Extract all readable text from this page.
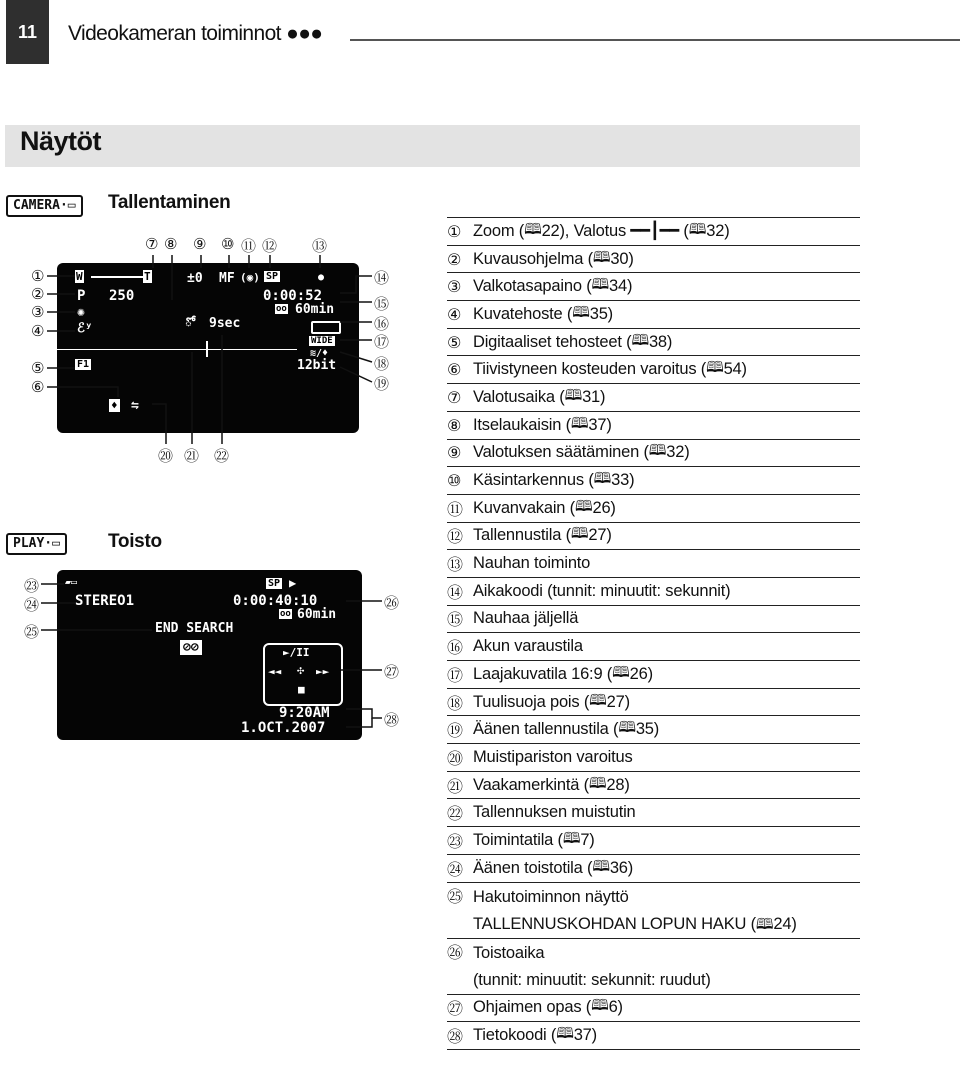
11 Videokameran toiminnot ●●●
Näytöt
CAMERA·▭	Tallentaminen
W	T
P 250
✺
ℰʸ
F1
♦ ⇋
±0 MF (◉) SP	●
0:00:52
oo 60min
WIDE
≋/♦
12bit
ో 9sec
①
②
③
④
⑤
⑥
⑦ ⑧ ⑨ ⑩ ⑪ ⑫ ⑬
⑭
⑮
⑯
⑰
⑱
⑲
⑳ ㉑ ㉒
PLAY·▭	Toisto
▰▭
STEREO1
SP ▶
0:00:40:10
oo 60min
END SEARCH
⊘⊘	►/II
◄◄ ✣ ►►
■
9:20AM
1.OCT.2007
㉓
㉔
㉕
㉖
㉗
㉘
① Zoom ( 🕮 22 ), Valotus ━━┃━━ ( 🕮 32 )
② Kuvausohjelma ( 🕮 30 )
③ Valkotasapaino ( 🕮 34 )
④ Kuvatehoste ( 🕮 35 )
⑤ Digitaaliset tehosteet ( 🕮 38 )
⑥ Tiivistyneen kosteuden varoitus ( 🕮 54 )
⑦ Valotusaika ( 🕮 31 )
⑧ Itselaukaisin ( 🕮 37 )
⑨ Valotuksen säätäminen ( 🕮 32 )
⑩ Käsintarkennus ( 🕮 33 )
⑪ Kuvanvakain ( 🕮 26 )
⑫ Tallennustila ( 🕮 27 )
⑬ Nauhan toiminto
⑭ Aikakoodi (tunnit: minuutit: sekunnit)
⑮ Nauhaa jäljellä
⑯ Akun varaustila
⑰ Laajakuvatila 16:9 ( 🕮 26 )
⑱ Tuulisuoja pois ( 🕮 27 )
⑲ Äänen tallennustila ( 🕮 35 )
⑳ Muistipariston varoitus
㉑ Vaakamerkintä ( 🕮 28 )
㉒ Tallennuksen muistutin
㉓ Toimintatila ( 🕮 7 )
㉔ Äänen toistotila ( 🕮 36 )
㉕ Hakutoiminnon näyttö
TALLENNUSKOHDAN LOPUN HAKU (🕮24)
㉖ Toistoaika
(tunnit: minuutit: sekunnit: ruudut)
㉗ Ohjaimen opas ( 🕮 6 )
㉘ Tietokoodi ( 🕮 37 )
